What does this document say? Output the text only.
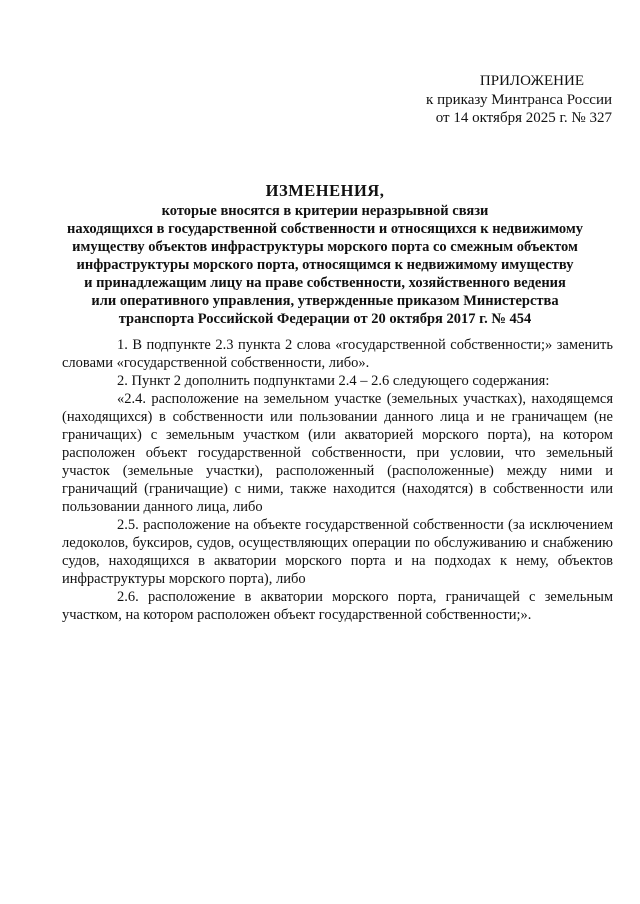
ПРИЛОЖЕНИЕ
к приказу Минтранса России
от 14 октября 2025 г. № 327
ИЗМЕНЕНИЯ,
которые вносятся в критерии неразрывной связи
находящихся в государственной собственности и относящихся к недвижимому
имуществу объектов инфраструктуры морского порта со смежным объектом
инфраструктуры морского порта, относящимся к недвижимому имуществу
и принадлежащим лицу на праве собственности, хозяйственного ведения
или оперативного управления, утвержденные приказом Министерства
транспорта Российской Федерации от 20 октября 2017 г. № 454

1. В подпункте 2.3 пункта 2 слова «государственной собственности;» заменить словами «государственной собственности, либо».

2. Пункт 2 дополнить подпунктами 2.4 – 2.6 следующего содержания:

«2.4. расположение на земельном участке (земельных участках), находящемся (находящихся) в собственности или пользовании данного лица и не граничащем (не граничащих) с земельным участком (или акваторией морского порта), на котором расположен объект государственной собственности, при условии, что земельный участок (земельные участки), расположенный (расположенные) между ними и граничащий (граничащие) с ними, также находится (находятся) в собственности или пользовании данного лица, либо

2.5. расположение на объекте государственной собственности (за исключением ледоколов, буксиров, судов, осуществляющих операции по обслуживанию и снабжению судов, находящихся в акватории морского порта и на подходах к нему, объектов инфраструктуры морского порта), либо

2.6. расположение в акватории морского порта, граничащей с земельным участком, на котором расположен объект государственной собственности;».
